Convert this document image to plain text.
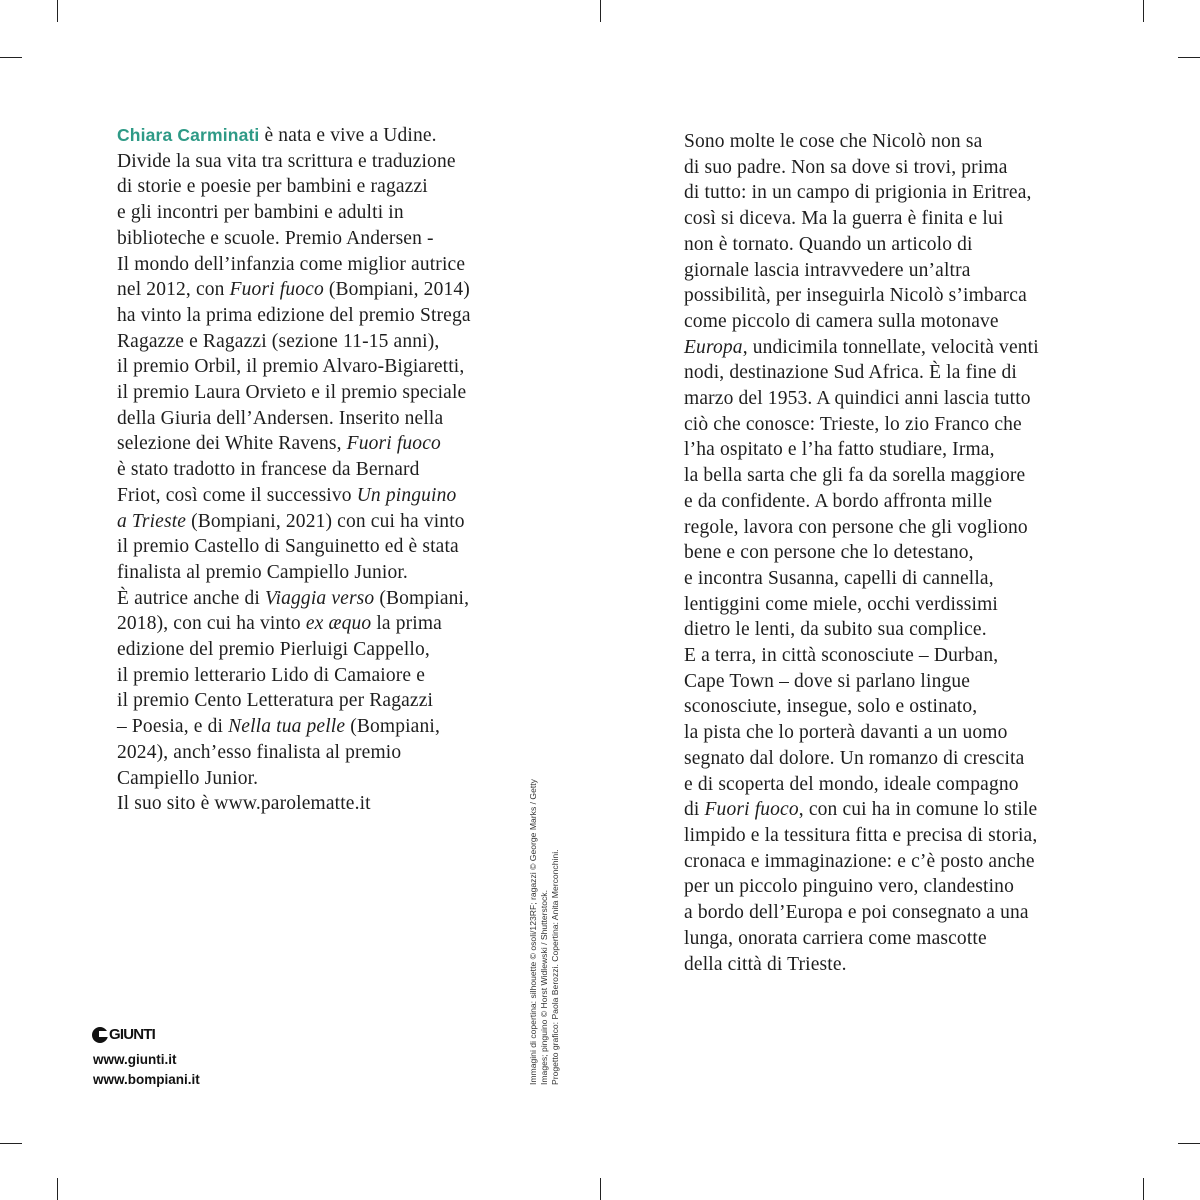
Chiara Carminati è nata e vive a Udine.
Divide la sua vita tra scrittura e traduzione
di storie e poesie per bambini e ragazzi
e gli incontri per bambini e adulti in
biblioteche e scuole. Premio Andersen -
Il mondo dell’infanzia come miglior autrice
nel 2012, con Fuori fuoco (Bompiani, 2014)
ha vinto la prima edizione del premio Strega
Ragazze e Ragazzi (sezione 11-15 anni),
il premio Orbil, il premio Alvaro-Bigiaretti,
il premio Laura Orvieto e il premio speciale
della Giuria dell’Andersen. Inserito nella
selezione dei White Ravens, Fuori fuoco
è stato tradotto in francese da Bernard
Friot, così come il successivo Un pinguino
a Trieste (Bompiani, 2021) con cui ha vinto
il premio Castello di Sanguinetto ed è stata
finalista al premio Campiello Junior.
È autrice anche di Viaggia verso (Bompiani,
2018), con cui ha vinto ex æquo la prima
edizione del premio Pierluigi Cappello,
il premio letterario Lido di Camaiore e
il premio Cento Letteratura per Ragazzi
– Poesia, e di Nella tua pelle (Bompiani,
2024), anch’esso finalista al premio
Campiello Junior.
Il suo sito è www.parolematte.it
Sono molte le cose che Nicolò non sa
di suo padre. Non sa dove si trovi, prima
di tutto: in un campo di prigionia in Eritrea,
così si diceva. Ma la guerra è finita e lui
non è tornato. Quando un articolo di
giornale lascia intravvedere un’altra
possibilità, per inseguirla Nicolò s’imbarca
come piccolo di camera sulla motonave
Europa, undicimila tonnellate, velocità venti
nodi, destinazione Sud Africa. È la fine di
marzo del 1953. A quindici anni lascia tutto
ciò che conosce: Trieste, lo zio Franco che
l’ha ospitato e l’ha fatto studiare, Irma,
la bella sarta che gli fa da sorella maggiore
e da confidente. A bordo affronta mille
regole, lavora con persone che gli vogliono
bene e con persone che lo detestano,
e incontra Susanna, capelli di cannella,
lentiggini come miele, occhi verdissimi
dietro le lenti, da subito sua complice.
E a terra, in città sconosciute – Durban,
Cape Town – dove si parlano lingue
sconosciute, insegue, solo e ostinato,
la pista che lo porterà davanti a un uomo
segnato dal dolore. Un romanzo di crescita
e di scoperta del mondo, ideale compagno
di Fuori fuoco, con cui ha in comune lo stile
limpido e la tessitura fitta e precisa di storia,
cronaca e immaginazione: e c’è posto anche
per un piccolo pinguino vero, clandestino
a bordo dell’Europa e poi consegnato a una
lunga, onorata carriera come mascotte
della città di Trieste.
Immagini di copertina: silhouette © osoli/123RF; ragazzi © George Marks / Getty Images; pinguino © Horst Widlewski / Shutterstock. Progetto grafico: Paola Berozzi. Copertina: Anita Merconchini.
GIUNTI
www.giunti.it
www.bompiani.it
